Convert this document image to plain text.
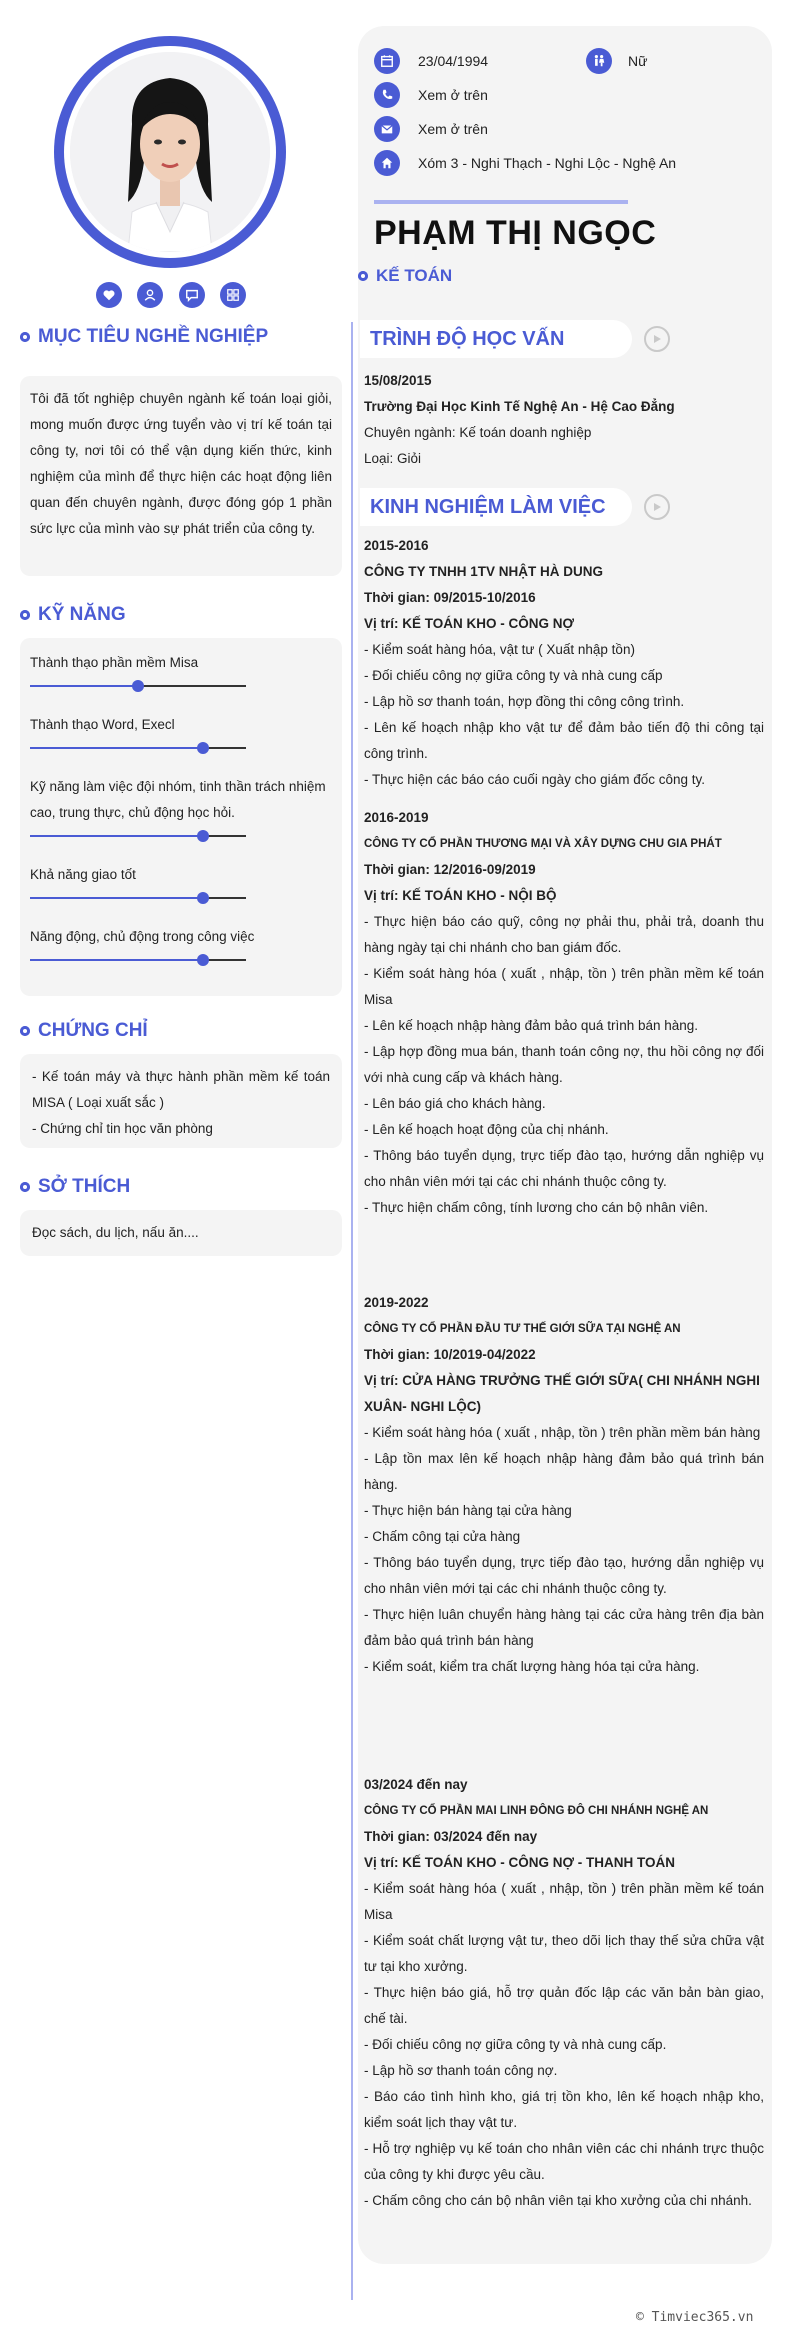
23/04/1994	Nữ
Xem ở trên
Xem ở trên
Xóm 3 - Nghi Thạch - Nghi Lộc - Nghệ An
PHẠM THỊ NGỌC
KẾ TOÁN
MỤC TIÊU NGHỀ NGHIỆP

Tôi đã tốt nghiệp chuyên ngành kế toán loại giỏi, mong muốn được ứng tuyển vào vị trí kế toán tại công ty, nơi tôi có thể vận dụng kiến thức, kinh nghiệm của mình để thực hiện các hoạt động liên quan đến chuyên ngành, được đóng góp 1 phần sức lực của mình vào sự phát triển của công ty.

KỸ NĂNG
Thành thạo phần mềm Misa
Thành thạo Word, Execl
Kỹ năng làm việc đội nhóm, tinh thần trách nhiệm cao, trung thực, chủ động học hỏi.
Khả năng giao tốt
Năng động, chủ động trong công việc
CHỨNG CHỈ

- Kế toán máy và thực hành phần mềm kế toán MISA ( Loại xuất sắc )

- Chứng chỉ tin học văn phòng

SỞ THÍCH

Đọc sách, du lịch, nấu ăn....

TRÌNH ĐỘ HỌC VẤN
15/08/2015
Trường Đại Học Kinh Tế Nghệ An - Hệ Cao Đẳng
Chuyên ngành: Kế toán doanh nghiệp
Loại: Giỏi
KINH NGHIỆM LÀM VIỆC
2015-2016
CÔNG TY TNHH 1TV NHẬT HÀ DUNG
Thời gian: 09/2015-10/2016
Vị trí: KẾ TOÁN KHO - CÔNG NỢ

- Kiểm soát hàng hóa, vật tư ( Xuất nhập tồn)

- Đối chiếu công nợ giữa công ty và nhà cung cấp

- Lập hồ sơ thanh toán, hợp đồng thi công công trình.

- Lên kế hoạch nhập kho vật tư để đảm bảo tiến độ thi công tại công trình.

- Thực hiện các báo cáo cuối ngày cho giám đốc công ty.

2016-2019
CÔNG TY CỔ PHẦN THƯƠNG MẠI VÀ XÂY DỰNG CHU GIA PHÁT
Thời gian: 12/2016-09/2019
Vị trí: KẾ TOÁN KHO - NỘI BỘ

- Thực hiện báo cáo quỹ, công nợ phải thu, phải trả, doanh thu hàng ngày tại chi nhánh cho ban giám đốc.

- Kiểm soát hàng hóa ( xuất , nhập, tồn ) trên phần mềm kế toán Misa

- Lên kế hoạch nhập hàng đảm bảo quá trình bán hàng.

- Lập hợp đồng mua bán, thanh toán công nợ, thu hồi công nợ đối với nhà cung cấp và khách hàng.

- Lên báo giá cho khách hàng.

- Lên kế hoạch hoạt động của chị nhánh.

- Thông báo tuyển dụng, trực tiếp đào tạo, hướng dẫn nghiệp vụ cho nhân viên mới tại các chi nhánh thuộc công ty.

- Thực hiện chấm công, tính lương cho cán bộ nhân viên.

2019-2022
CÔNG TY CỔ PHẦN ĐẦU TƯ THẾ GIỚI SỮA TẠI NGHỆ AN
Thời gian: 10/2019-04/2022
Vị trí: CỬA HÀNG TRƯỞNG THẾ GIỚI SỮA( CHI NHÁNH NGHI XUÂN- NGHI LỘC)

- Kiểm soát hàng hóa ( xuất , nhập, tồn ) trên phần mềm bán hàng

- Lập tồn max lên kế hoạch nhập hàng đảm bảo quá trình bán hàng.

- Thực hiện bán hàng tại cửa hàng

- Chấm công tại cửa hàng

- Thông báo tuyển dụng, trực tiếp đào tạo, hướng dẫn nghiệp vụ cho nhân viên mới tại các chi nhánh thuộc công ty.

- Thực hiện luân chuyển hàng hàng tại các cửa hàng trên địa bàn đảm bảo quá trình bán hàng

- Kiểm soát, kiểm tra chất lượng hàng hóa tại cửa hàng.

03/2024 đến nay
CÔNG TY CỔ PHẦN MAI LINH ĐÔNG ĐÔ CHI NHÁNH NGHỆ AN
Thời gian: 03/2024 đến nay
Vị trí: KẾ TOÁN KHO - CÔNG NỢ - THANH TOÁN

- Kiểm soát hàng hóa ( xuất , nhập, tồn ) trên phần mềm kế toán Misa

- Kiểm soát chất lượng vật tư, theo dõi lịch thay thế sửa chữa vật tư tại kho xưởng.

- Thực hiện báo giá, hỗ trợ quản đốc lập các văn bản bàn giao, chế tài.

- Đối chiếu công nợ giữa công ty và nhà cung cấp.

- Lập hồ sơ thanh toán công nợ.

- Báo cáo tình hình kho, giá trị tồn kho, lên kế hoạch nhập kho, kiểm soát lịch thay vật tư.

- Hỗ trợ nghiệp vụ kế toán cho nhân viên các chi nhánh trực thuộc của công ty khi được yêu cầu.

- Chấm công cho cán bộ nhân viên tại kho xưởng của chi nhánh.

© Timviec365.vn
